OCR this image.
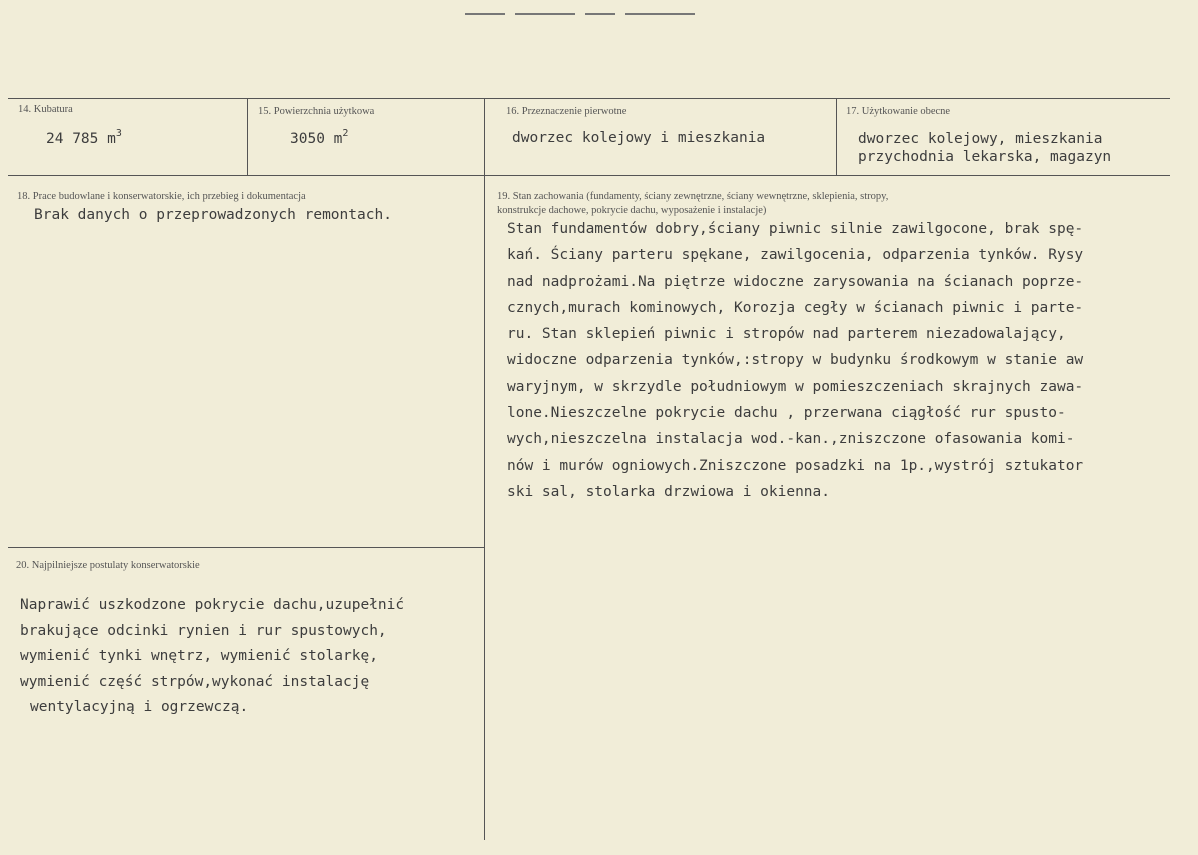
14. Kubatura
24 785 $m^3$
15. Powierzchnia użytkowa
3050 $m^2$
16. Przeznaczenie pierwotne
dworzec kolejowy i mieszkania
17. Użytkowanie obecne
dworzec kolejowy, mieszkania
przychodnia lekarska, magazyn
18. Prace budowlane i konserwatorskie, ich przebieg i dokumentacja
Brak danych o przeprowadzonych remontach.
19. Stan zachowania (fundamenty, ściany zewnętrzne, ściany wewnętrzne, sklepienia, stropy,
konstrukcje dachowe, pokrycie dachu, wyposażenie i instalacje)
Stan fundamentów dobry,ściany piwnic silnie zawilgocone, brak spę-
kań. Ściany parteru spękane, zawilgocenia, odparzenia tynków. Rysy
nad nadprożami.Na piętrze widoczne zarysowania na ścianach poprze-
cznych,murach kominowych, Korozja cegły w ścianach piwnic i parte-
ru. Stan sklepień piwnic i stropów nad parterem niezadowalający,
widoczne odparzenia tynków,:stropy w budynku środkowym w stanie aw
waryjnym, w skrzydle południowym w pomieszczeniach skrajnych zawa-
lone.Nieszczelne pokrycie dachu , przerwana ciągłość rur spusto-
wych,nieszczelna instalacja wod.-kan.,zniszczone ofasowania komi-
nów i murów ogniowych.Zniszczone posadzki na 1p.,wystrój sztukator
ski sal, stolarka drzwiowa i okienna.
20. Najpilniejsze postulaty konserwatorskie
Naprawić uszkodzone pokrycie dachu,uzupełnić
brakujące odcinki rynien i rur spustowych,
wymienić tynki wnętrz, wymienić stolarkę,
wymienić część strpów,wykonać instalację
wentylacyjną i ogrzewczą.
